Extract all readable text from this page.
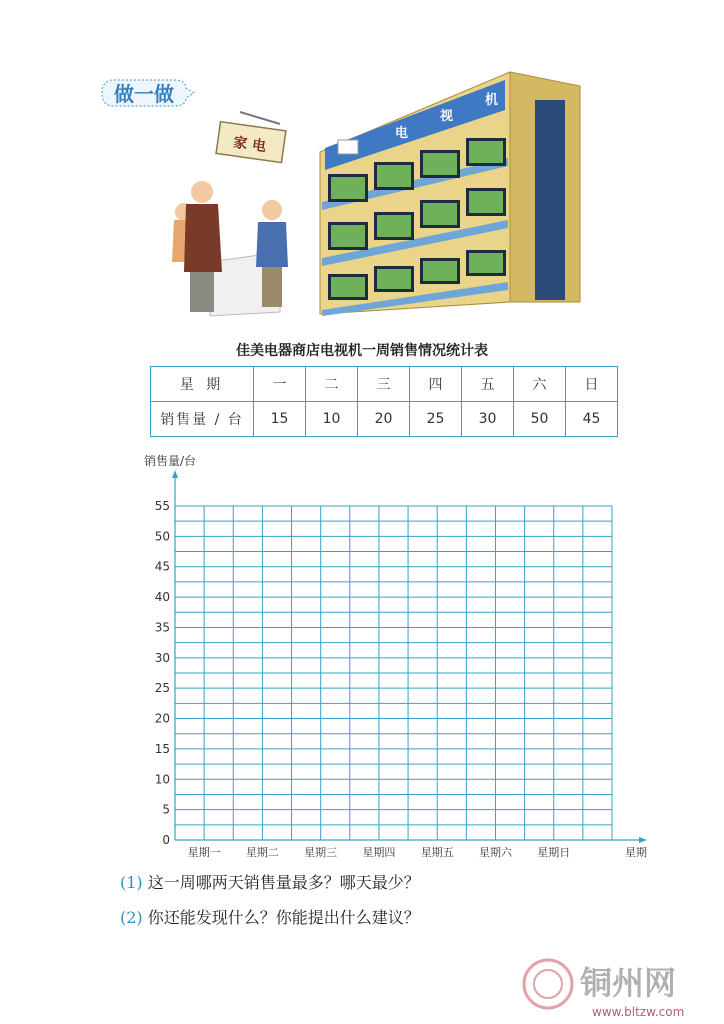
做一做
电
视
机
家 电
佳美电器商店电视机一周销售情况统计表
星 期	一	二	三	四	五	六	日
销售量 / 台	15	10	20	25	30	50	45
0
5
10
15
20
25
30
35
40
45
50
55
星期一 星期二 星期三 星期四 星期五 星期六 星期日
销售量/台
星期
(1) 这一周哪两天销售量最多？哪天最少？
(2) 你还能发现什么？你能提出什么建议？
铜州网
www.bltzw.com
